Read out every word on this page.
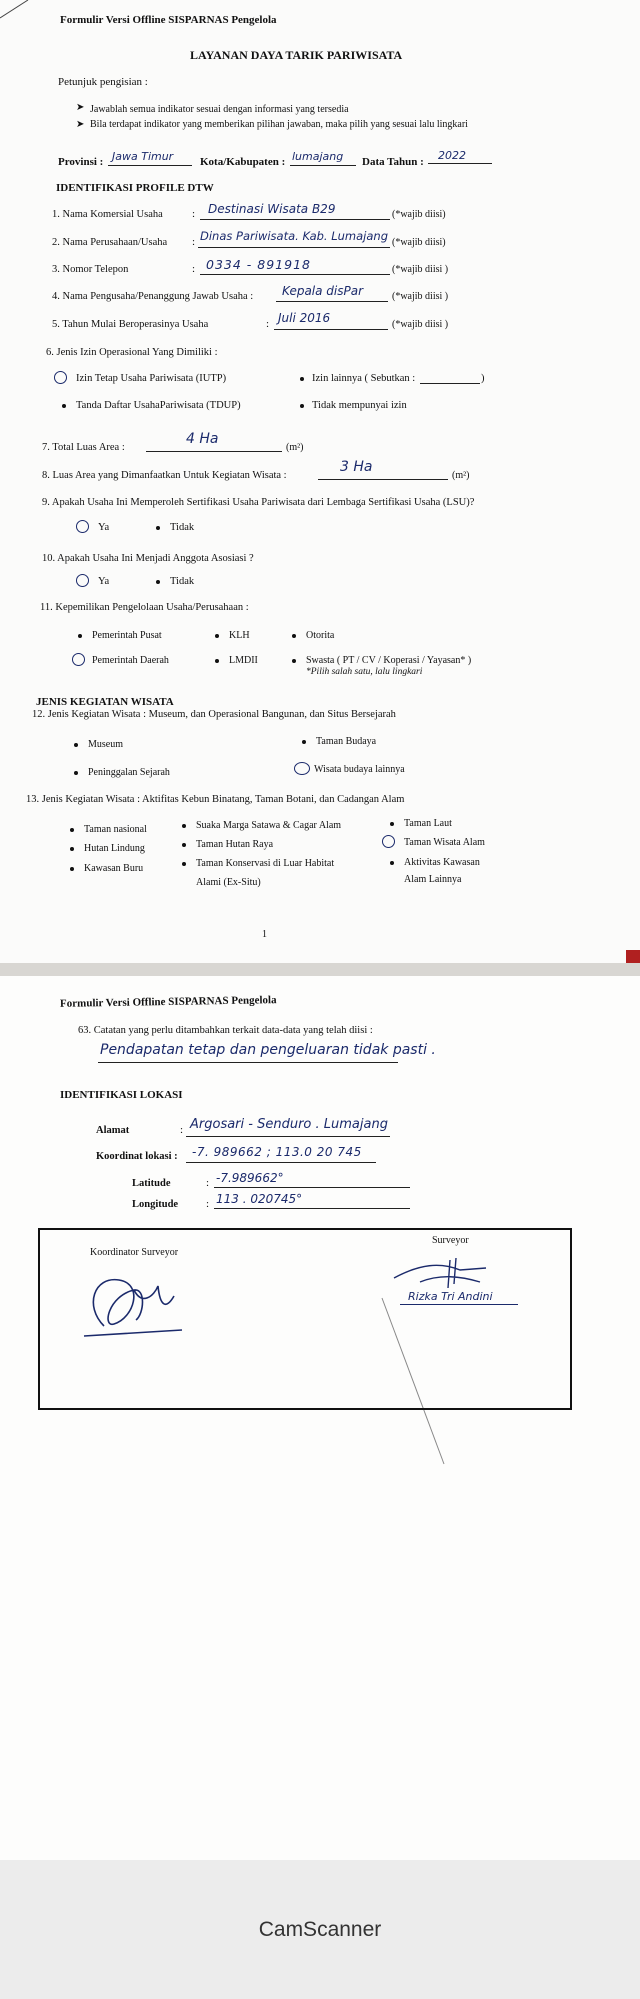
Formulir Versi Offline SISPARNAS Pengelola
LAYANAN DAYA TARIK PARIWISATA
Petunjuk pengisian :
➤ Jawablah semua indikator sesuai dengan informasi yang tersedia
➤ Bila terdapat indikator yang memberikan pilihan jawaban, maka pilih yang sesuai lalu lingkari
Provinsi : Jawa Timur Kota/Kabupaten : lumajang Data Tahun : 2022
IDENTIFIKASI PROFILE DTW
1. Nama Komersial Usaha	: Destinasi Wisata B29	(*wajib diisi)
2. Nama Perusahaan/Usaha : Dinas Pariwisata. Kab. Lumajang (*wajib diisi)
3. Nomor Telepon	: 0334 - 891918	(*wajib diisi )
4. Nama Pengusaha/Penanggung Jawab Usaha : Kepala disPar	(*wajib diisi )
5. Tahun Mulai Beroperasinya Usaha	: Juli 2016	(*wajib diisi )
6. Jenis Izin Operasional Yang Dimiliki :
Izin Tetap Usaha Pariwisata (IUTP)	Izin lainnya ( Sebutkan :	)
Tanda Daftar UsahaPariwisata (TDUP)	Tidak mempunyai izin
7. Total Luas Area :
4 Ha
(m²)
8. Luas Area yang Dimanfaatkan Untuk Kegiatan Wisata :
3 Ha
(m²)
9. Apakah Usaha Ini Memperoleh Sertifikasi Usaha Pariwisata dari Lembaga Sertifikasi Usaha (LSU)?
Ya	Tidak
10. Apakah Usaha Ini Menjadi Anggota Asosiasi ?
Ya	Tidak
11. Kepemilikan Pengelolaan Usaha/Perusahaan :
Pemerintah Pusat	KLH	Otorita
Pemerintah Daerah	LMDII	Swasta ( PT / CV / Koperasi / Yayasan* )
*Pilih salah satu, lalu lingkari
JENIS KEGIATAN WISATA
12. Jenis Kegiatan Wisata : Museum, dan Operasional Bangunan, dan Situs Bersejarah
Museum	Taman Budaya
Peninggalan Sejarah	Wisata budaya lainnya
13. Jenis Kegiatan Wisata : Aktifitas Kebun Binatang, Taman Botani, dan Cadangan Alam
Taman nasional	Suaka Marga Satawa & Cagar Alam	Taman Laut
Hutan Lindung	Taman Hutan Raya	Taman Wisata Alam
Kawasan Buru	Taman Konservasi di Luar Habitat
Alami (Ex-Situ)
Aktivitas Kawasan
Alam Lainnya
1
Formulir Versi Offline SISPARNAS Pengelola
63. Catatan yang perlu ditambahkan terkait data-data yang telah diisi :
Pendapatan tetap dan pengeluaran tidak pasti .
IDENTIFIKASI LOKASI
Alamat	: Argosari - Senduro . Lumajang
Koordinat lokasi : -7. 989662 ; 113.0 20 745
Latitude	: -7.989662°
Longitude	: 113 . 020745°
Koordinator Surveyor
Surveyor
Rizka Tri Andini
CamScanner
